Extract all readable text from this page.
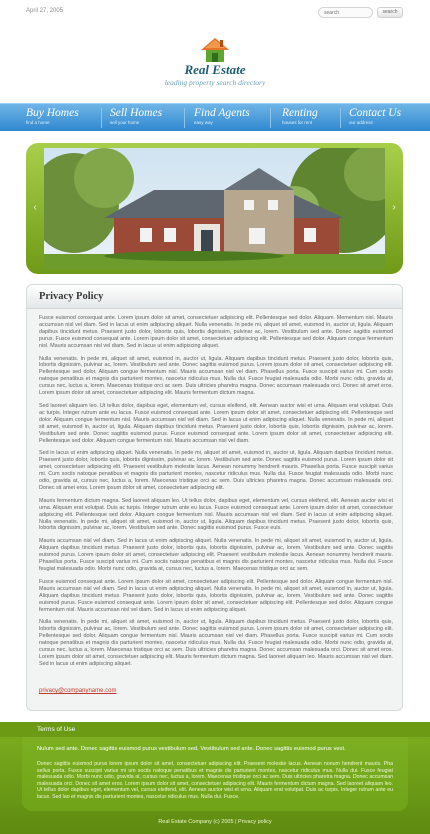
April 27, 2005
search	search
Real Estate
leading property search directory
Buy Homes
find a home
Sell Homes
sell your home
Find Agents
easy way
Renting
houses for rent
Contact Us
our address
‹	›
Privacy Policy

Fusce euismod consequat ante. Lorem ipsum dolor sit amet, consectetuer adipiscing elit. Pellentesque sed dolor. Aliquam. Mementum nisl. Mauris accumsan nisl vel diam. Sed in lacus ut enim adipiscing aliquet. Nulla venenatis. In pede mi, aliquet sit amet, euismod in, auctor ut, ligula. Aliquam dapibus tincidunt metus. Praesent justo dolor, lobortis quis, lobortis dignissim, pulvinar ac, lorem. Vestibulum sed ante. Donec sagittis euismod purus. Fusce euismod consequat ante. Lorem ipsum dolor sit amet, consectetuer adipiscing elit. Pellentesque sed dolor. Aliquam congue fermentum nisl. Mauris accumsan nisl vel diam. Sed in lacus ut enim adipiscing aliquet.

Nulla venenatis. In pede mi, aliquet sit amet, euismod in, auctor ut, ligula. Aliquam dapibus tincidunt metus. Praesent justo dolor, lobortis quis, lobortis dignissim, pulvinar ac, lorem. Vestibulum sed ante. Donec sagittis euismod purus. Lorem ipsum dolor sit amet, consectetuer adipiscing elit. Pellentesque sed dolor. Aliquam congue fermentum nisl. Mauris accumsan nisl vel diam. Phasellus porta. Fusce suscipit varius mi. Cum sociis natoque penatibus et magnis dis parturient montes, nascetur ridiculus mus. Nulla dui. Fusce feugiat malesuada odio. Morbi nunc odio, gravida at, cursus nec, luctus a, lorem. Maecenas tristique orci ac sem. Duis ultricies pharetra magna. Donec accumsan malesuada orci. Donec sit amet eros. Lorem ipsum dolor sit amet, consectetuer adipiscing elit. Mauris fermentum dictum magna.

Sed laoreet aliquam leo. Ut tellus dolor, dapibus eget, elementum vel, cursus eleifend, elit. Aenean auctor wisi et urna. Aliquam erat volutpat. Duis ac turpis. Integer rutrum ante eu lacus. Fusce euismod consequat ante. Lorem ipsum dolor sit amet, consectetuer adipiscing elit. Pellentesque sed dolor. Aliquam congue fermentum nisl. Mauris accumsan nisl vel diam. Sed in lacus ut enim adipiscing aliquet. Nulla venenatis. In pede mi, aliquet sit amet, euismod in, auctor ut, ligula. Aliquam dapibus tincidunt metus. Praesent justo dolor, lobortis quis, lobortis dignissim, pulvinar ac, lorem. Vestibulum sed ante. Donec sagittis euismod purus. Fusce euismod consequat ante. Lorem ipsum dolor sit amet, consectetuer adipiscing elit. Pellentesque sed dolor. Aliquam congue fermentum nisl. Mauris accumsan nisl vel diam.

Sed in lacus ut enim adipiscing aliquet. Nulla venenatis. In pede mi, aliquet sit amet, euismod in, auctor ut, ligula. Aliquam dapibus tincidunt metus. Praesent justo dolor, lobortis quis, lobortis dignissim, pulvinar ac, lorem. Vestibulum sed ante. Donec sagittis euismod purus. Lorem ipsum dolor sit amet, consectetuer adipiscing elit. Praesent vestibulum molestie lacus. Aenean nonummy hendrerit mauris. Phasellus porta. Fusce suscipit varius mi. Cum sociis natoque penatibus et magnis dis parturient montes, nascetur ridiculus mus. Nulla dui. Fusce feugiat malesuada odio. Morbi nunc odio, gravida at, cursus nec, luctus a, lorem. Maecenas tristique orci ac sem. Duis ultricies pharetra magna. Donec accumsan malesuada orci. Donec sit amet eros. Lorem ipsum dolor sit amet, consectetuer adipiscing elit.

Mauris fermentum dictum magna. Sed laoreet aliquam leo. Ut tellus dolor, dapibus eget, elementum vel, cursus eleifend, elit. Aenean auctor wisi et urna. Aliquam erat volutpat. Duis ac turpis. Integer rutrum ante eu lacus. Fusce euismod consequat ante. Lorem ipsum dolor sit amet, consectetuer adipiscing elit. Pellentesque sed dolor. Aliquam congue fermentum nisl. Mauris accumsan nisl vel diam. Sed in lacus ut enim adipiscing aliquet. Nulla venenatis. In pede mi, aliquet sit amet, euismod in, auctor ut, ligula. Aliquam dapibus tincidunt metus. Praesent justo dolor, lobortis quis, lobortis dignissim, pulvinar ac, lorem. Vestibulum sed ante. Donec sagittis euismod purus. Fusce euis.

Mauris accumsan nisl vel diam. Sed in lacus ut enim adipiscing aliquet. Nulla venenatis. In pede mi, aliquet sit amet, euismod in, auctor ut, ligula. Aliquam dapibus tincidunt metus. Praesent justo dolor, lobortis quis, lobortis dignissim, pulvinar ac, lorem. Vestibulum sed ante. Donec sagittis euismod purus. Lorem ipsum dolor sit amet, consectetuer adipiscing elit. Praesent vestibulum molestie lacus. Aenean nonummy hendrerit mauris. Phasellus porta. Fusce suscipit varius mi. Cum sociis natoque penatibus et magnis dis parturient montes, nascetur ridiculus mus. Nulla dui. Fusce feugiat malesuada odio. Morbi nunc odio, gravida at, cursus nec, luctus a, lorem. Maecenas tristique orci ac sem.

Fusce euismod consequat ante. Lorem ipsum dolor sit amet, consectetuer adipiscing elit. Pellentesque sed dolor. Aliquam congue fermentum nisl. Mauris accumsan nisl vel diam. Sed in lacus ut enim adipiscing aliquet. Nulla venenatis. In pede mi, aliquet sit amet, euismod in, auctor ut, ligula. Aliquam dapibus tincidunt metus. Praesent justo dolor, lobortis quis, lobortis dignissim, pulvinar ac, lorem. Vestibulum sed ante. Donec sagittis euismod purus. Fusce euismod consequat ante. Lorem ipsum dolor sit amet, consectetuer adipiscing elit. Pellentesque sed dolor. Aliquam congue fermentum nisl. Mauris accumsan nisl vel diam. Sed in lacus ut enim adipiscing aliquet.

Nulla venenatis. In pede mi, aliquet sit amet, euismod in, auctor ut, ligula. Aliquam dapibus tincidunt metus. Praesent justo dolor, lobortis quis, lobortis dignissim, pulvinar ac, lorem. Vestibulum sed ante. Donec sagittis euismod purus. Lorem ipsum dolor sit amet, consectetuer adipiscing elit. Pellentesque sed dolor. Aliquam congue fermentum nisl. Mauris accumsan nisl vel diam. Phasellus porta. Fusce suscipit varius mi. Cum sociis natoque penatibus et magnis dis parturient montes, nascetur ridiculus mus. Nulla dui. Fusce feugiat malesuada odio. Morbi nunc odio, gravida at, cursus nec, luctus a, lorem. Maecenas tristique orci ac sem. Duis ultricies pharetra magna. Donec accumsan malesuada orci. Donec sit amet eros. Lorem ipsum dolor sit amet, consectetuer adipiscing elit. Mauris fermentum dictum magna. Sed laoreet aliquam leo. Mauris accumsan nisl vel diam. Sed in lacus ut enim adipiscing aliquet.

privacy@companyname.com
Terms of Use
Nulum sed ante. Donec sagittis euismod purus vestibulum sed. Vestibulum sed ante. Donec sagittis euismod purus vest.
Donec sagittis euismod purus lorem ipsum dolor sit amet, consectetuer adipiscing elit. Praesent molestie lacus. Aenean nonum hendrerit mauris. Pha sellus porta. Fusce suscipit varius mi um sociis natoque penatibus et magnis dis parturient montes, nascetur ridiculus mus. Nulla dui. Fusce feugiat malesuada odio. Morbi nunc odio, gravida at, cursus nec, luctus a, lorem. Maecenas tristique orci ac sem. Duis ultricies pharetra magna. Donec accumsan malesuada orci. Donec sit amet eros. Lorem ipsum dolor sit amet, consectetuer adipiscing elit. Mauris fermentum dictum magna. Sed laoreet aliquam leo. Ut tellus dolor dapibus eget, elementum vel, cursus eleifend, elit. Aenean auctor wisi et urna. Aliquam erat volutpat. Duis ac turpis. Integer rutrum ante eu lacus. Sed lao et magnis dis parturient montes, nascetur ridiculus mus. Nulla dui. Fusce.
Real Estate Company (c) 2005 | Privacy policy
